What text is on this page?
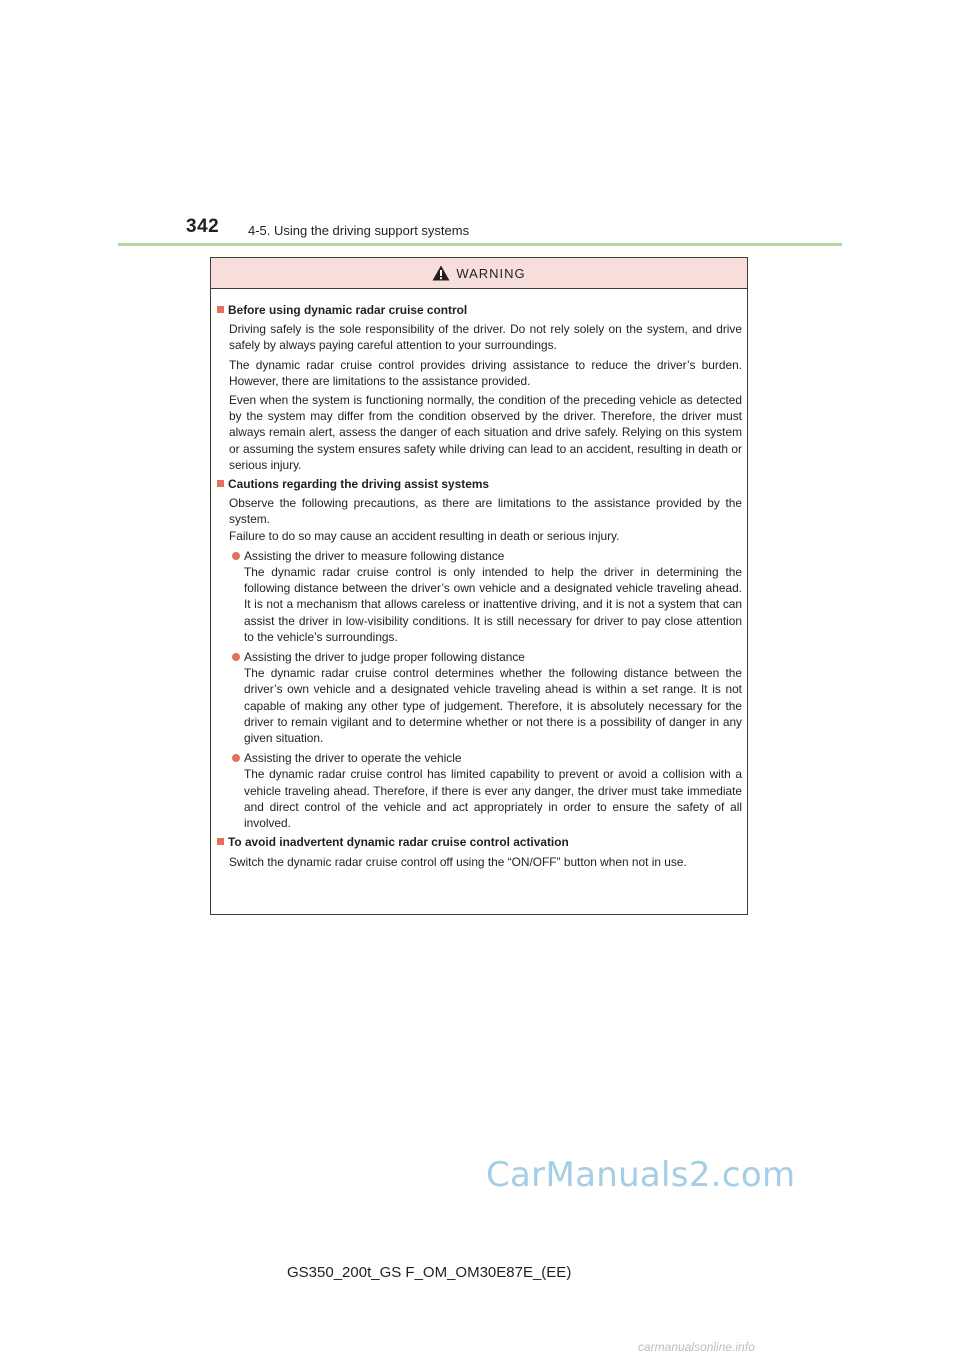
342 4-5. Using the driving support systems
WARNING
Before using dynamic radar cruise control
Driving safely is the sole responsibility of the driver. Do not rely solely on the system, and drive safely by always paying careful attention to your surroundings.
The dynamic radar cruise control provides driving assistance to reduce the driver’s burden. However, there are limitations to the assistance provided.
Even when the system is functioning normally, the condition of the preceding vehicle as detected by the system may differ from the condition observed by the driver. Therefore, the driver must always remain alert, assess the danger of each situation and drive safely. Relying on this system or assuming the system ensures safety while driving can lead to an accident, resulting in death or serious injury.
Cautions regarding the driving assist systems
Observe the following precautions, as there are limitations to the assistance provided by the system.
Failure to do so may cause an accident resulting in death or serious injury.
Assisting the driver to measure following distance
The dynamic radar cruise control is only intended to help the driver in determining the following distance between the driver’s own vehicle and a designated vehicle traveling ahead. It is not a mechanism that allows careless or inattentive driving, and it is not a system that can assist the driver in low-visibility conditions. It is still necessary for driver to pay close attention to the vehicle’s surroundings.
Assisting the driver to judge proper following distance
The dynamic radar cruise control determines whether the following distance between the driver’s own vehicle and a designated vehicle traveling ahead is within a set range. It is not capable of making any other type of judgement. Therefore, it is absolutely necessary for the driver to remain vigilant and to determine whether or not there is a possibility of danger in any given situation.
Assisting the driver to operate the vehicle
The dynamic radar cruise control has limited capability to prevent or avoid a collision with a vehicle traveling ahead. Therefore, if there is ever any danger, the driver must take immediate and direct control of the vehicle and act appropriately in order to ensure the safety of all involved.
To avoid inadvertent dynamic radar cruise control activation
Switch the dynamic radar cruise control off using the “ON/OFF” button when not in use.
CarManuals2.com
GS350_200t_GS F_OM_OM30E87E_(EE)
carmanualsonline.info
